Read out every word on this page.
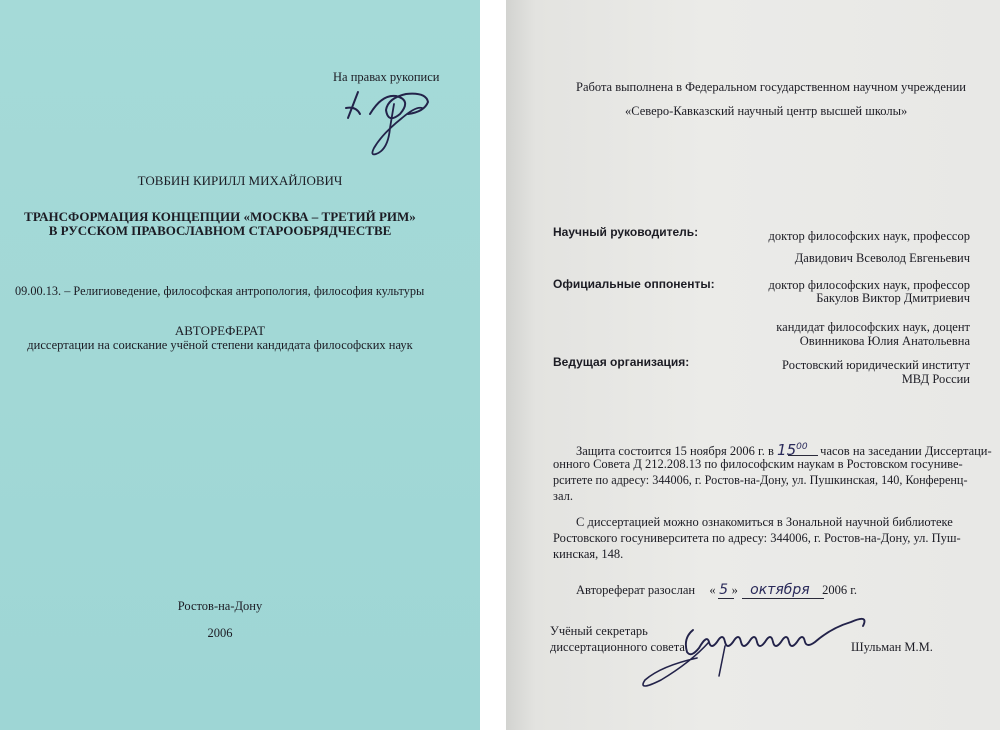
На правах рукописи
ТОВБИН КИРИЛЛ МИХАЙЛОВИЧ
ТРАНСФОРМАЦИЯ КОНЦЕПЦИИ «МОСКВА – ТРЕТИЙ РИМ»
В РУССКОМ ПРАВОСЛАВНОМ СТАРООБРЯДЧЕСТВЕ
09.00.13. – Религиоведение, философская антропология, философия культуры
АВТОРЕФЕРАТ
диссертации на соискание учёной степени кандидата философских наук
Ростов-на-Дону
2006
Работа выполнена в Федеральном государственном научном учреждении
«Северо-Кавказский научный центр высшей школы»
Научный руководитель:	доктор философских наук, профессор
Давидович Всеволод Евгеньевич
Официальные оппоненты:	доктор философских наук, профессор
Бакулов Виктор Дмитриевич
кандидат философских наук, доцент
Овинникова Юлия Анатольевна
Ведущая организация:	Ростовский юридический институт
МВД России
Защита состоится 15 ноября 2006 г. в $15^{00}$ часов на заседании Диссертаци-
онного Совета Д 212.208.13 по философским наукам в Ростовском госуниве-
рситете по адресу: 344006, г. Ростов-на-Дону, ул. Пушкинская, 140, Конференц-
зал.
С диссертацией можно ознакомиться в Зональной научной библиотеке
Ростовского госуниверситета по адресу: 344006, г. Ростов-на-Дону, ул. Пуш-
кинская, 148.
Автореферат разослан « 5 » октября 2006 г.
Учёный секретарь
диссертационного совета	Шульман М.М.
